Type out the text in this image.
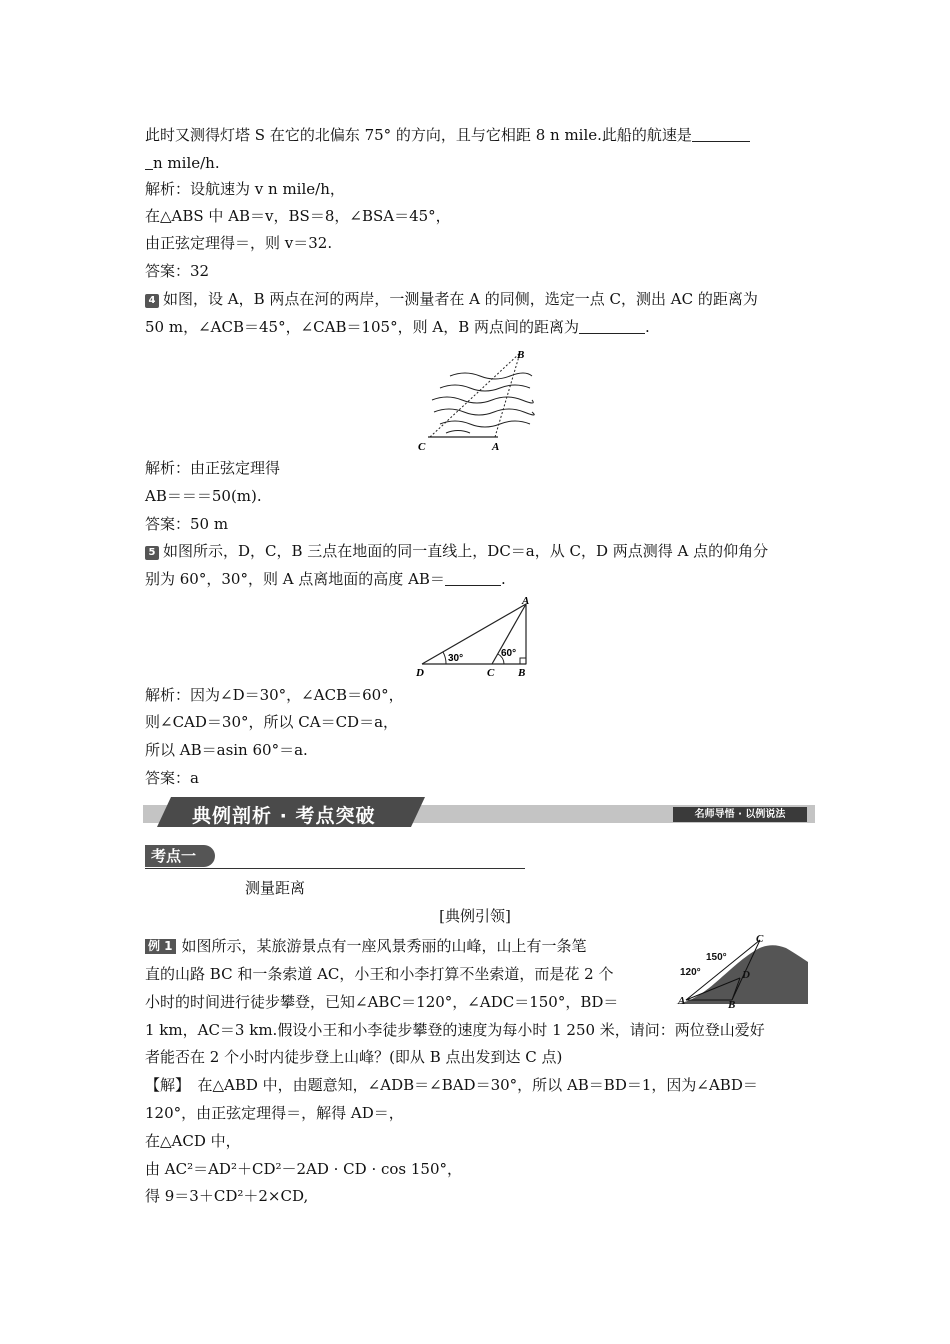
此时又测得灯塔 S 在它的北偏东 75° 的方向，且与它相距 8 n mile.此船的航速是
n mile/h.
解析：设航速为 v n mile/h，
在△ABS 中 AB＝v，BS＝8，∠BSA＝45°，
由正弦定理得＝，则 v＝32.
答案：32
4 如图，设 A，B 两点在河的两岸，一测量者在 A 的同侧，选定一点 C，测出 AC 的距离为
50 m，∠ACB＝45°，∠CAB＝105°，则 A，B 两点间的距离为	.
B
C	A
解析：由正弦定理得
AB＝＝＝50(m).
答案：50 m
5 如图所示，D，C，B 三点在地面的同一直线上，DC＝a，从 C，D 两点测得 A 点的仰角分
别为 60°，30°，则 A 点离地面的高度 AB＝	.
30°	60°
A
D	C B
解析：因为∠D＝30°，∠ACB＝60°，
则∠CAD＝30°，所以 CA＝CD＝a，
所以 AB＝asin 60°＝a.
答案：a
典例剖析 · 考点突破	名师导悟 · 以例说法
考点一
测量距离
[典例引领]
例 1 如图所示，某旅游景点有一座风景秀丽的山峰，山上有一条笔
直的山路 BC 和一条索道 AC，小王和小李打算不坐索道，而是花 2 个
小时的时间进行徒步攀登，已知∠ABC＝120°，∠ADC＝150°，BD＝
1 km，AC＝3 km.假设小王和小李徒步攀登的速度为每小时 1 250 米，请问：两位登山爱好
者能否在 2 个小时内徒步登上山峰？(即从 B 点出发到达 C 点)
C
D
A	B
150°
120°
【解】　在△ABD 中，由题意知，∠ADB＝∠BAD＝30°，所以 AB＝BD＝1，因为∠ABD＝
120°，由正弦定理得＝，解得 AD＝，
在△ACD 中，
由 AC²＝AD²＋CD²－2AD · CD · cos 150°，
得 9＝3＋CD²＋2×CD,
